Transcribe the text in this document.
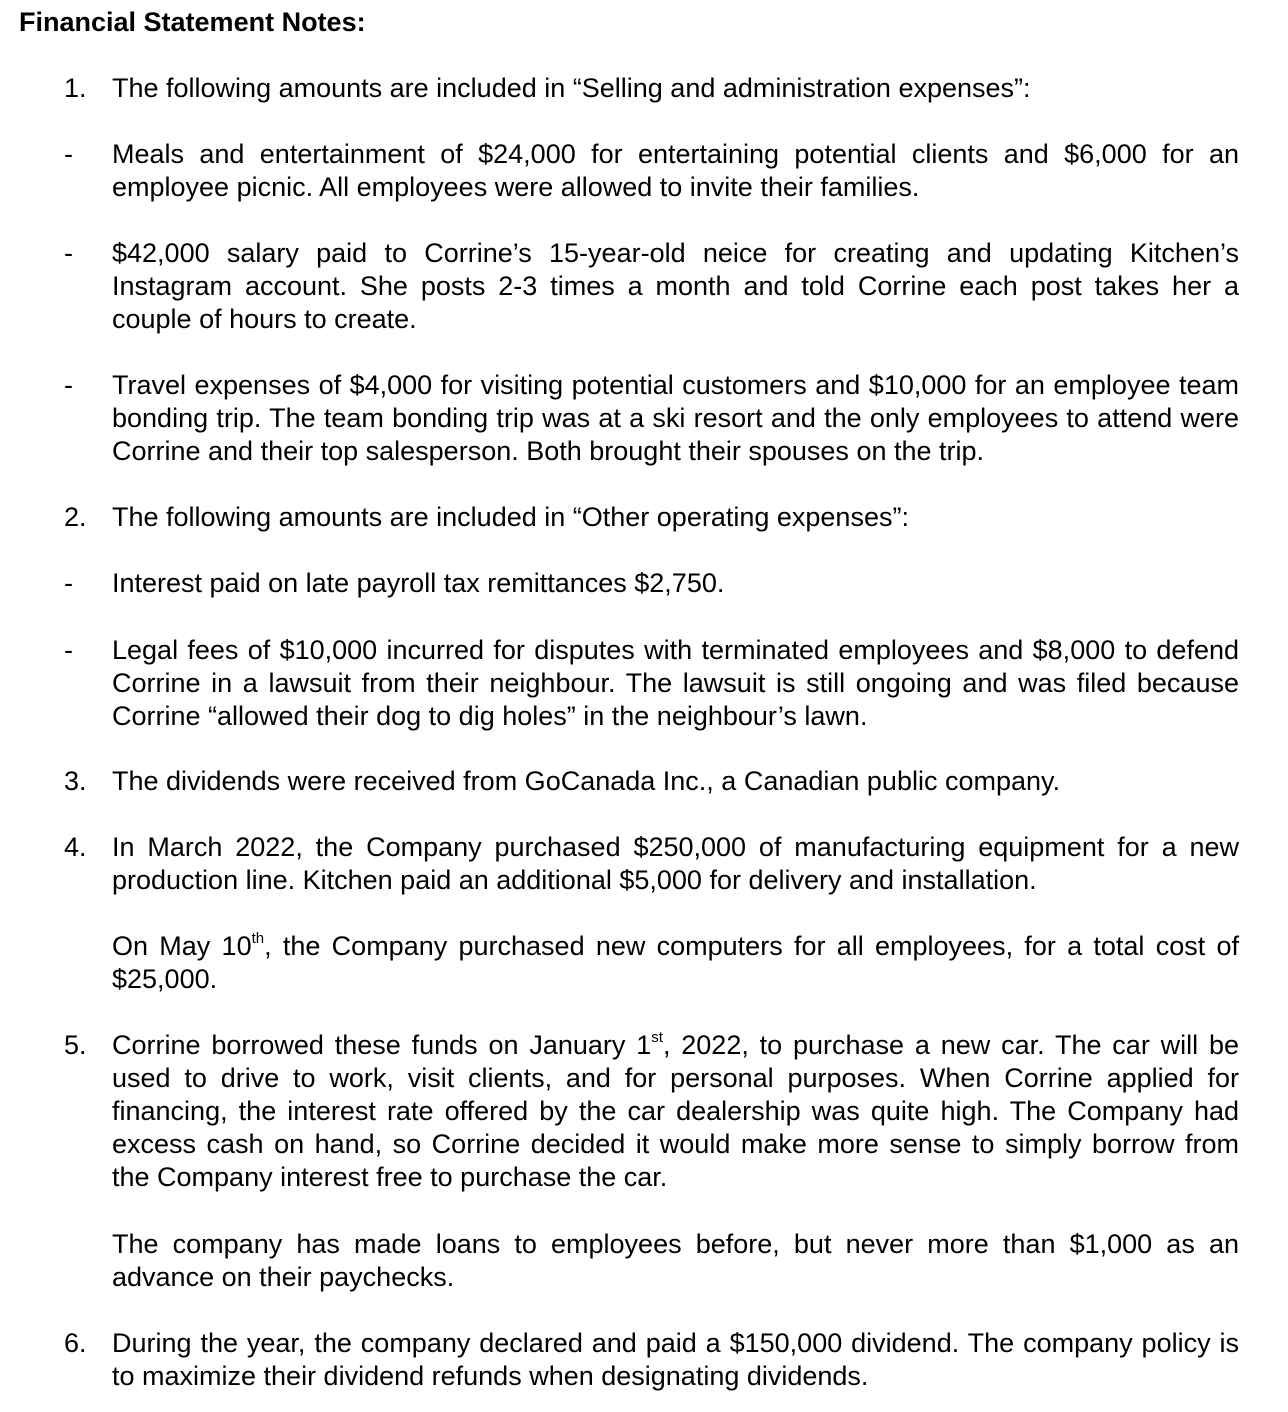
Financial Statement Notes:
1. The following amounts are included in “Selling and administration expenses”:
- Meals and entertainment of $24,000 for entertaining potential clients and $6,000 for an employee picnic. All employees were allowed to invite their families.
- $42,000 salary paid to Corrine’s 15-year-old neice for creating and updating Kitchen’s Instagram account. She posts 2-3 times a month and told Corrine each post takes her a couple of hours to create.
- Travel expenses of $4,000 for visiting potential customers and $10,000 for an employee team bonding trip. The team bonding trip was at a ski resort and the only employees to attend were Corrine and their top salesperson. Both brought their spouses on the trip.
2. The following amounts are included in “Other operating expenses”:
- Interest paid on late payroll tax remittances $2,750.
- Legal fees of $10,000 incurred for disputes with terminated employees and $8,000 to defend Corrine in a lawsuit from their neighbour. The lawsuit is still ongoing and was filed because Corrine “allowed their dog to dig holes” in the neighbour’s lawn.
3. The dividends were received from GoCanada Inc., a Canadian public company.
4. In March 2022, the Company purchased $250,000 of manufacturing equipment for a new production line. Kitchen paid an additional $5,000 for delivery and installation.
On May 10th, the Company purchased new computers for all employees, for a total cost of $25,000.
5. Corrine borrowed these funds on January 1st, 2022, to purchase a new car. The car will be used to drive to work, visit clients, and for personal purposes. When Corrine applied for financing, the interest rate offered by the car dealership was quite high. The Company had excess cash on hand, so Corrine decided it would make more sense to simply borrow from the Company interest free to purchase the car.
The company has made loans to employees before, but never more than $1,000 as an advance on their paychecks.
6. During the year, the company declared and paid a $150,000 dividend. The company policy is to maximize their dividend refunds when designating dividends.
